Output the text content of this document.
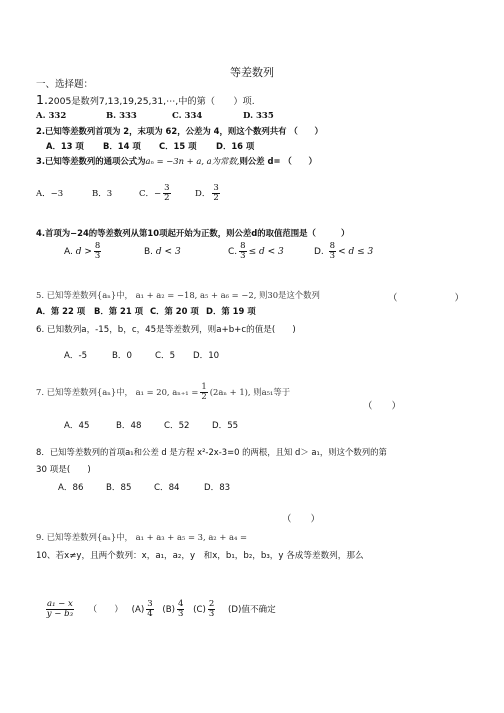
等差数列
一、选择题：
1.2005是数列7,13,19,25,31,⋯,中的第（　　）项.
A. 332	B. 333	C. 334	D. 335
2.已知等差数列首项为 2，末项为 62，公差为 4，则这个数列共有 （　　）
A．13 项 B．14 项 C．15 项 D．16 项
3.已知等差数列的通项公式为aₙ = −3n + a, a为常数,则公差 d= （　　）
A．−3	B．3	C．− $\frac{3}{2}$	D． $\frac{3}{2}$
4.首项为−24的等差数列从第10项起开始为正数，则公差d的取值范围是（　　　）
A. $d > \frac{8}{3}$	B. d < 3	C. $\frac{8}{3} \le d < 3$	D. $\frac{8}{3} < d \le 3$
5. 已知等差数列{aₙ}中， a₁ + a₂ = −18, a₅ + a₆ = −2, 则30是这个数列	（　　　　　　）
A．第 22 项 B．第 21 项 C．第 20 项 D．第 19 项
6. 已知数列a，-15，b，c，45是等差数列，则a+b+c的值是(　　)
A．-5	B．0	C．5 D．10
7. 已知等差数列{aₙ}中， a₁ = 20, $a_{n+1} = \frac{1}{2} (2a_n + 1)$, 则a₅₁等于
（　　）
A．45	B．48	C．52	D．55
8．已知等差数列的首项a₁和公差 d 是方程 x²-2x-3=0 的两根，且知 d＞ a₁，则这个数列的第
30 项是(　　)
A．86	B．85	C．84	D．83
（　　）
9. 已知等差数列{aₙ}中， a₁ + a₃ + a₅ = 3, a₂ + a₄ =
10、若x≠y，且两个数列：x，a₁，a₂，y　和x，b₁，b₂，b₃，y 各成等差数列，那么
$\frac{\text{a₁ − x}}{\text{y − b₃}}$ （　　） $(A) \frac{3}{4} (B) \frac{4}{3} (C) \frac{2}{3} (D)$值不确定
